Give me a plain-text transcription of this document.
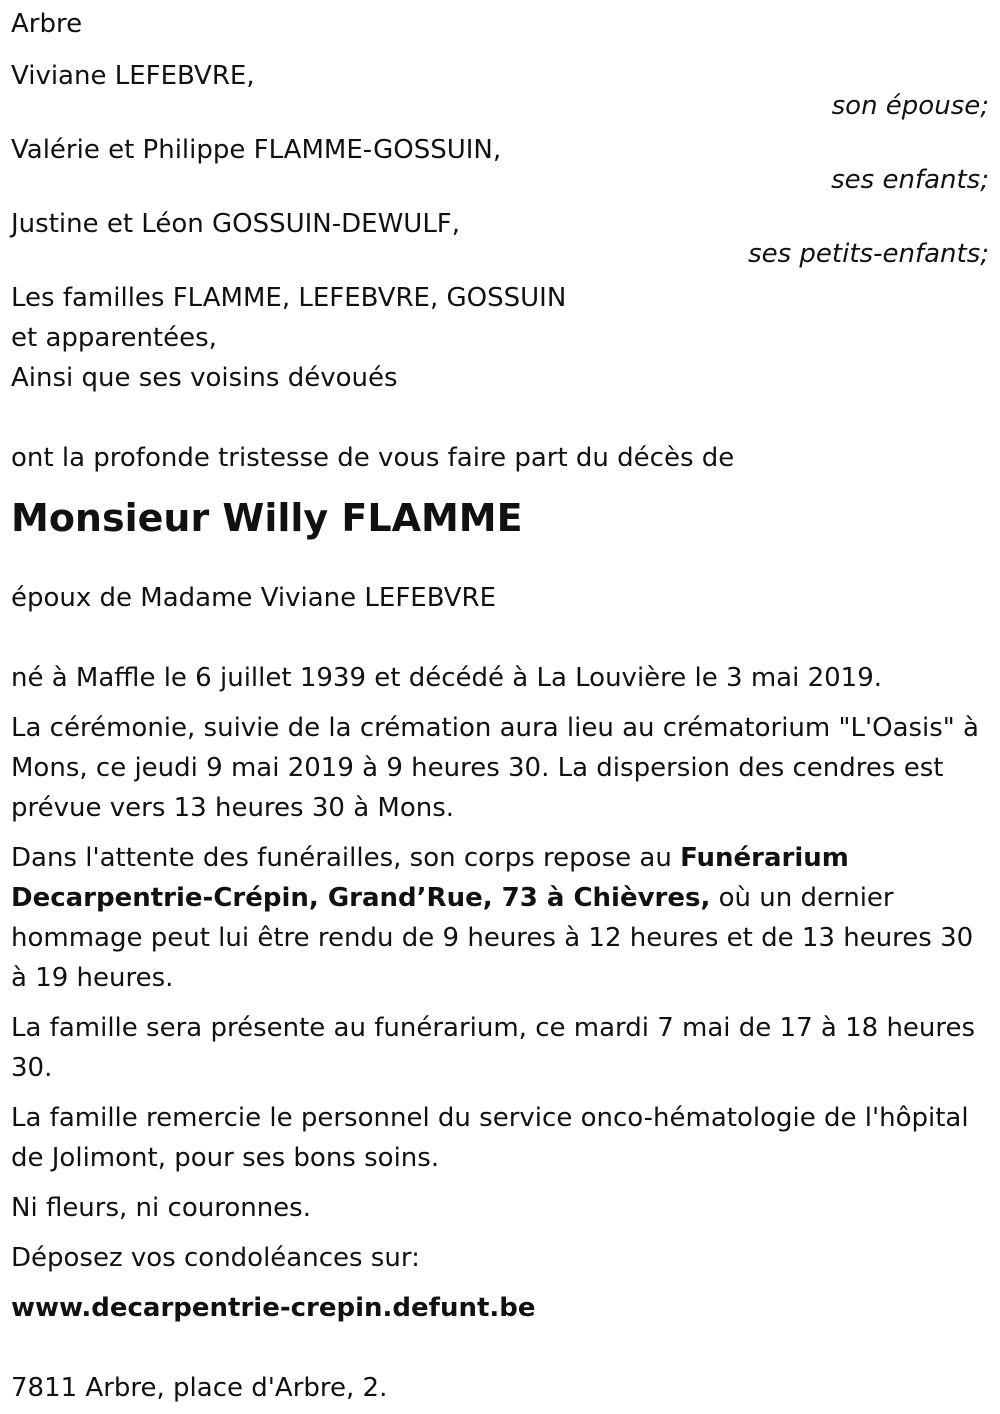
Arbre
Viviane LEFEBVRE,
son épouse;
Valérie et Philippe FLAMME-GOSSUIN,
ses enfants;
Justine et Léon GOSSUIN-DEWULF,
ses petits-enfants;
Les familles FLAMME, LEFEBVRE, GOSSUIN
et apparentées,
Ainsi que ses voisins dévoués
ont la profonde tristesse de vous faire part du décès de
Monsieur Willy FLAMME
époux de Madame Viviane LEFEBVRE
né à Maffle le 6 juillet 1939 et décédé à La Louvière le 3 mai 2019.
La cérémonie, suivie de la crémation aura lieu au crématorium "L'Oasis" à Mons, ce jeudi 9 mai 2019 à 9 heures 30. La dispersion des cendres est prévue vers 13 heures 30 à Mons.
Dans l'attente des funérailles, son corps repose au Funérarium Decarpentrie-Crépin, Grand’Rue, 73 à Chièvres, où un dernier hommage peut lui être rendu de 9 heures à 12 heures et de 13 heures 30 à 19 heures.
La famille sera présente au funérarium, ce mardi 7 mai de 17 à 18 heures 30.
La famille remercie le personnel du service onco-hématologie de l'hôpital de Jolimont, pour ses bons soins.
Ni fleurs, ni couronnes.
Déposez vos condoléances sur:
www.decarpentrie-crepin.defunt.be
7811 Arbre, place d'Arbre, 2.
